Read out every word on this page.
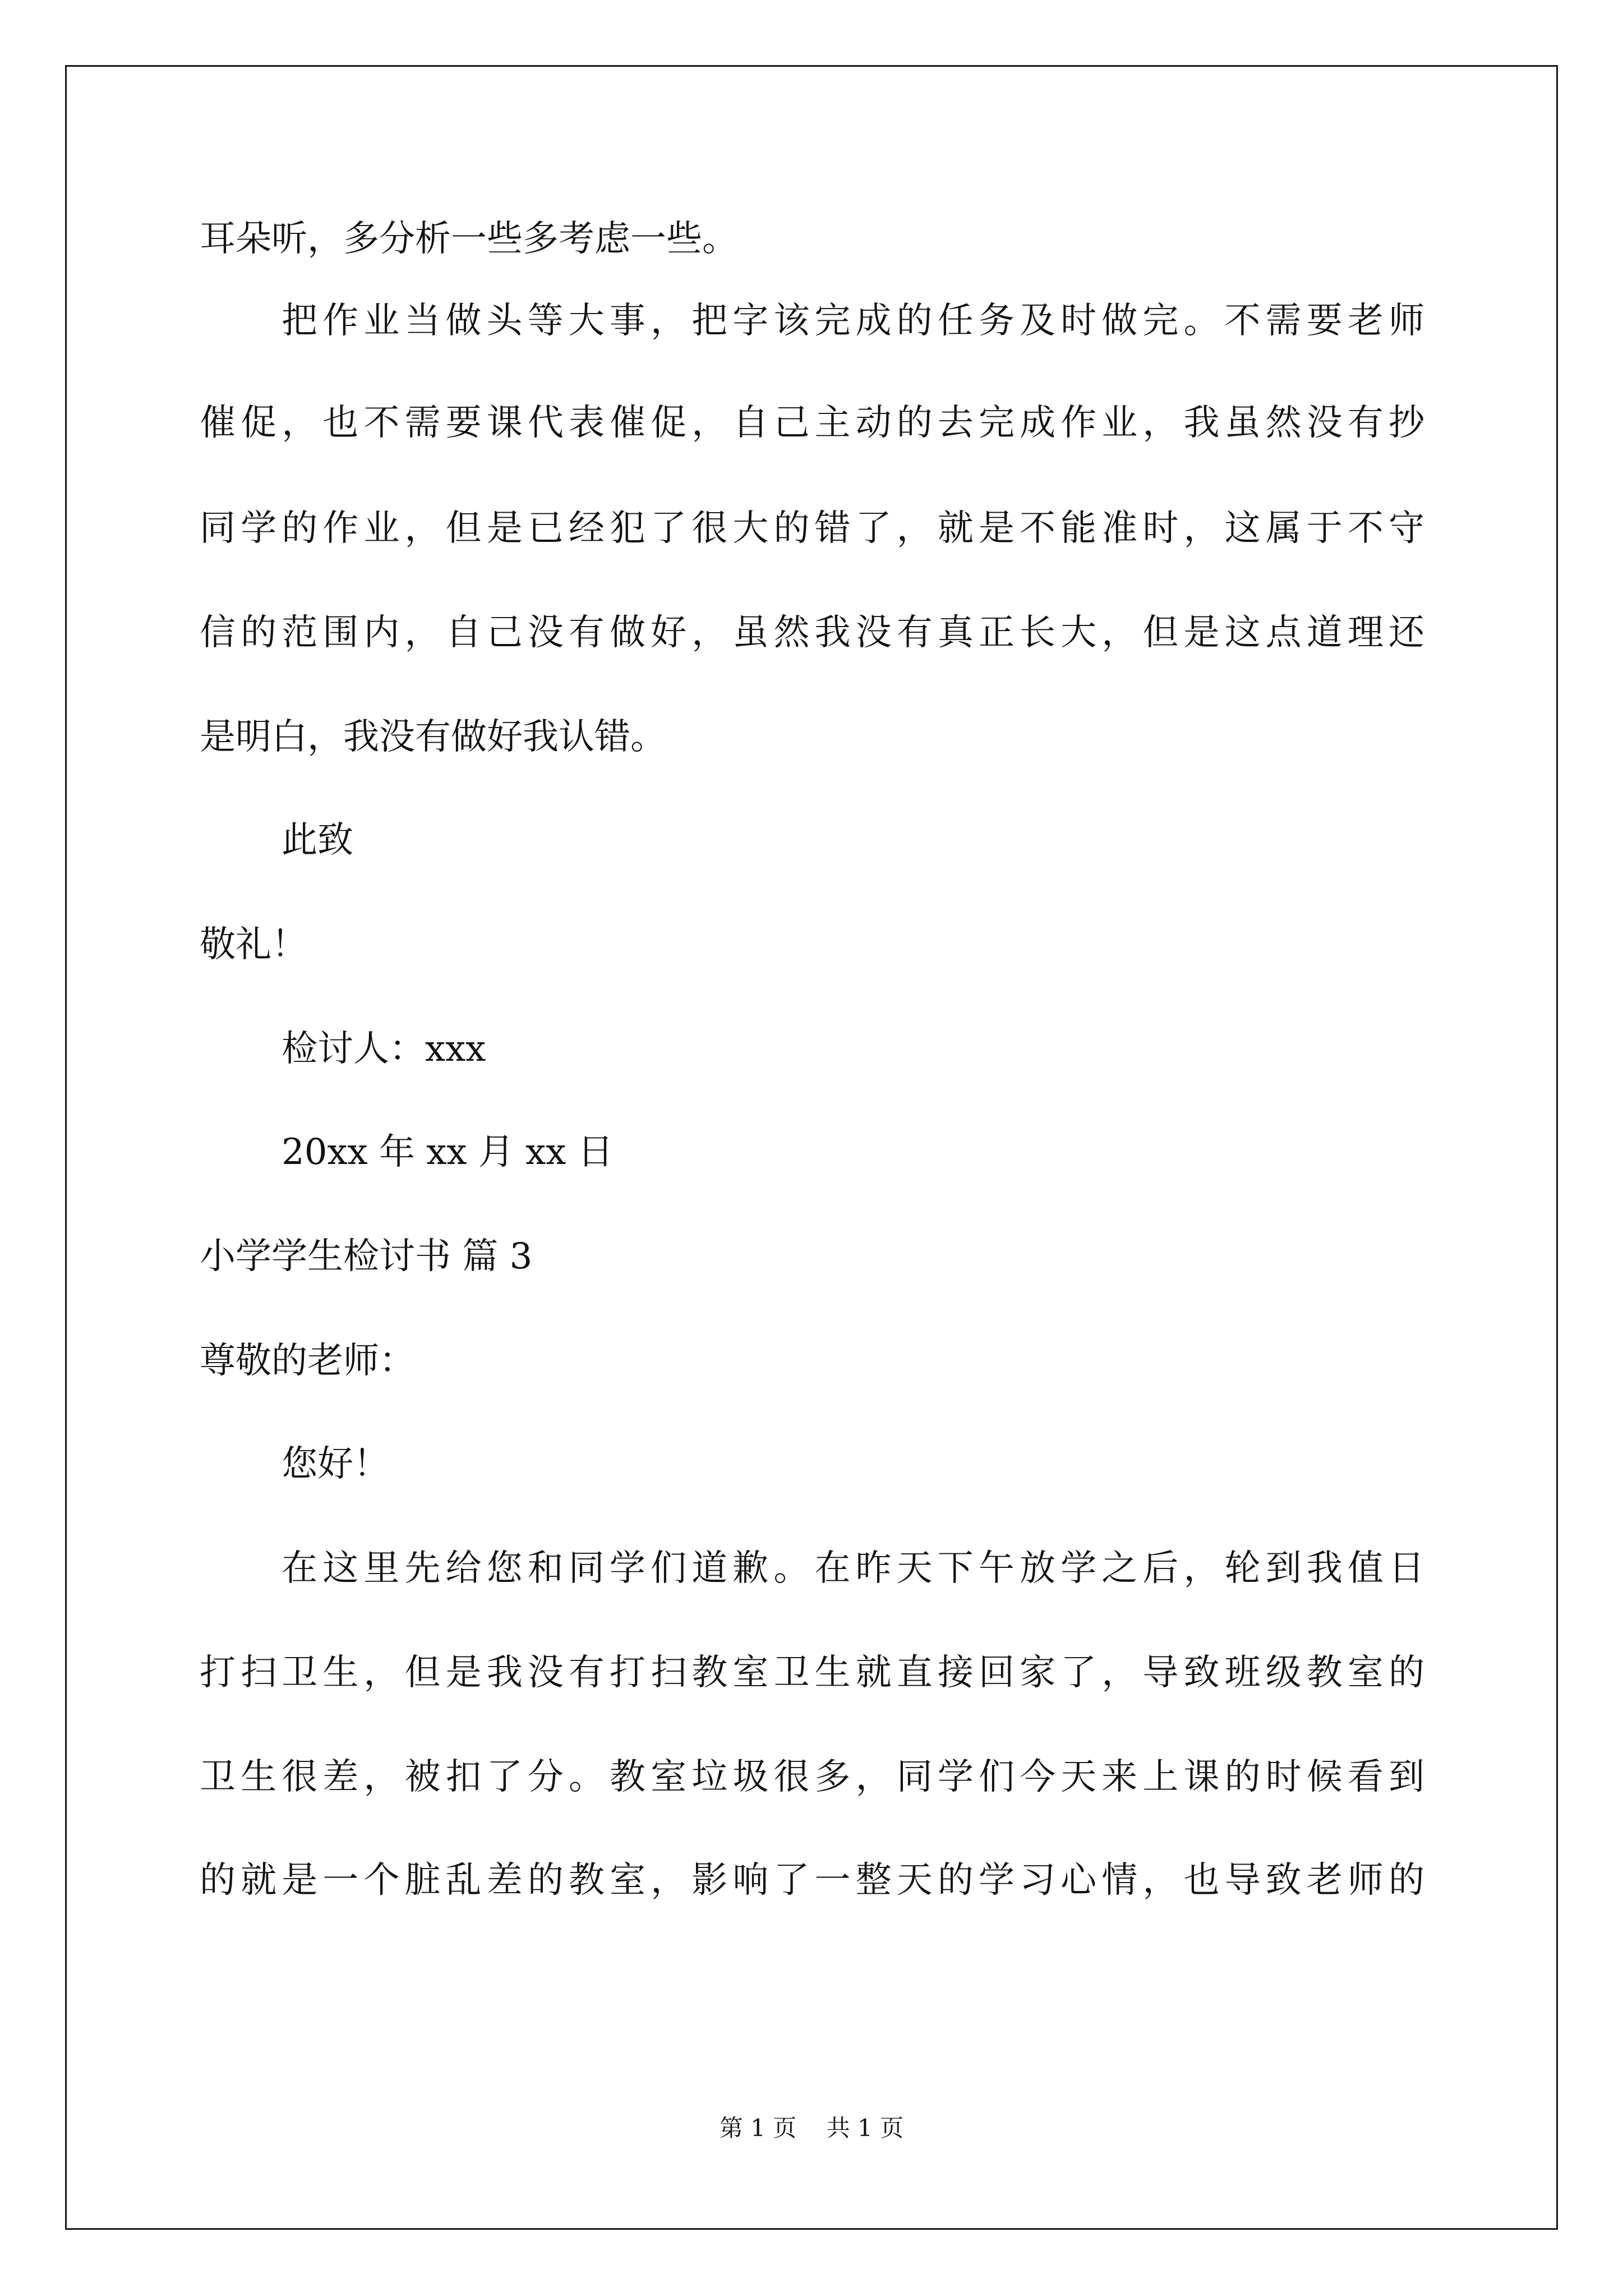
耳朵听，多分析一些多考虑一些。
把作业当做头等大事，把字该完成的任务及时做完。不需要老师
催促，也不需要课代表催促，自己主动的去完成作业，我虽然没有抄
同学的作业，但是已经犯了很大的错了，就是不能准时，这属于不守
信的范围内，自己没有做好，虽然我没有真正长大，但是这点道理还
是明白，我没有做好我认错。
此致
敬礼！
检讨人：xxx
20xx 年 xx 月 xx 日
小学学生检讨书 篇 3
尊敬的老师：
您好！
在这里先给您和同学们道歉。在昨天下午放学之后，轮到我值日
打扫卫生，但是我没有打扫教室卫生就直接回家了，导致班级教室的
卫生很差，被扣了分。教室垃圾很多，同学们今天来上课的时候看到
的就是一个脏乱差的教室，影响了一整天的学习心情，也导致老师的
第 1 页    共 1 页
